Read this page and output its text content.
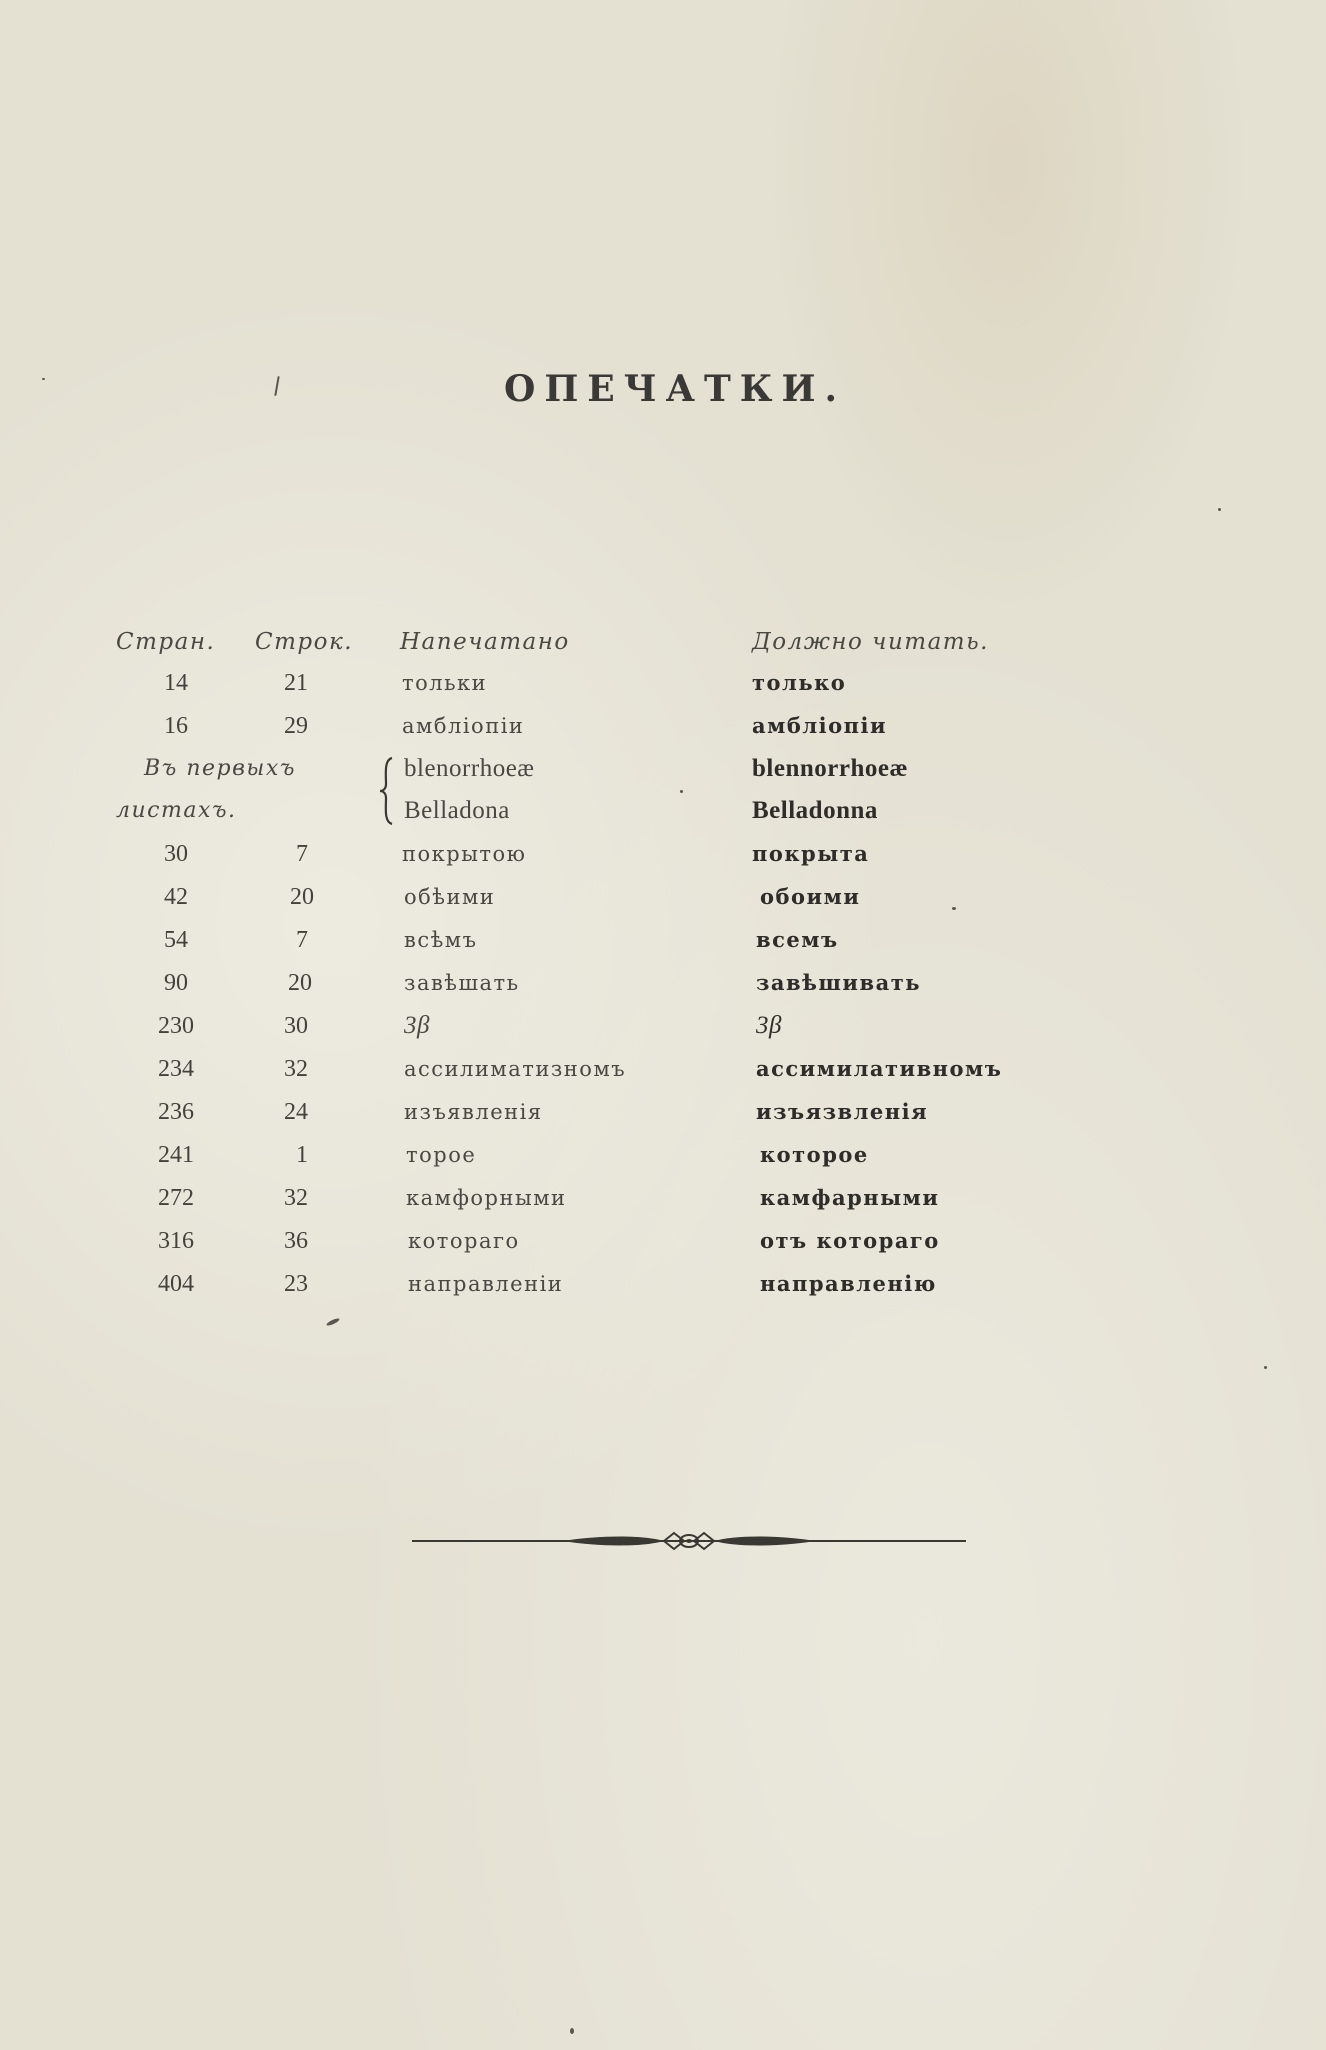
ОПЕЧАТКИ.
Стран. Строк. Напечатано	Должно читать.
14	21	тольки	только
16	29	амбліопіи	амбліопіи
Въ первыхъ	blenorrhoeæ	blennorrhoeæ
листахъ.	Belladona	Belladonna
30	7	покрытою	покрыта
42	20	обѣими	обоими
54	7	всѣмъ	всемъ
90	20	завѣшать	завѣшивать
230	30	3β	3β
234	32	ассилиматизномъ	ассимилативномъ
236	24	изъявленія	изъязвленія
241	1	торое	которое
272	32	камфорными	камфарными
316	36	котораго	отъ котораго
404	23	направленіи	направленію
